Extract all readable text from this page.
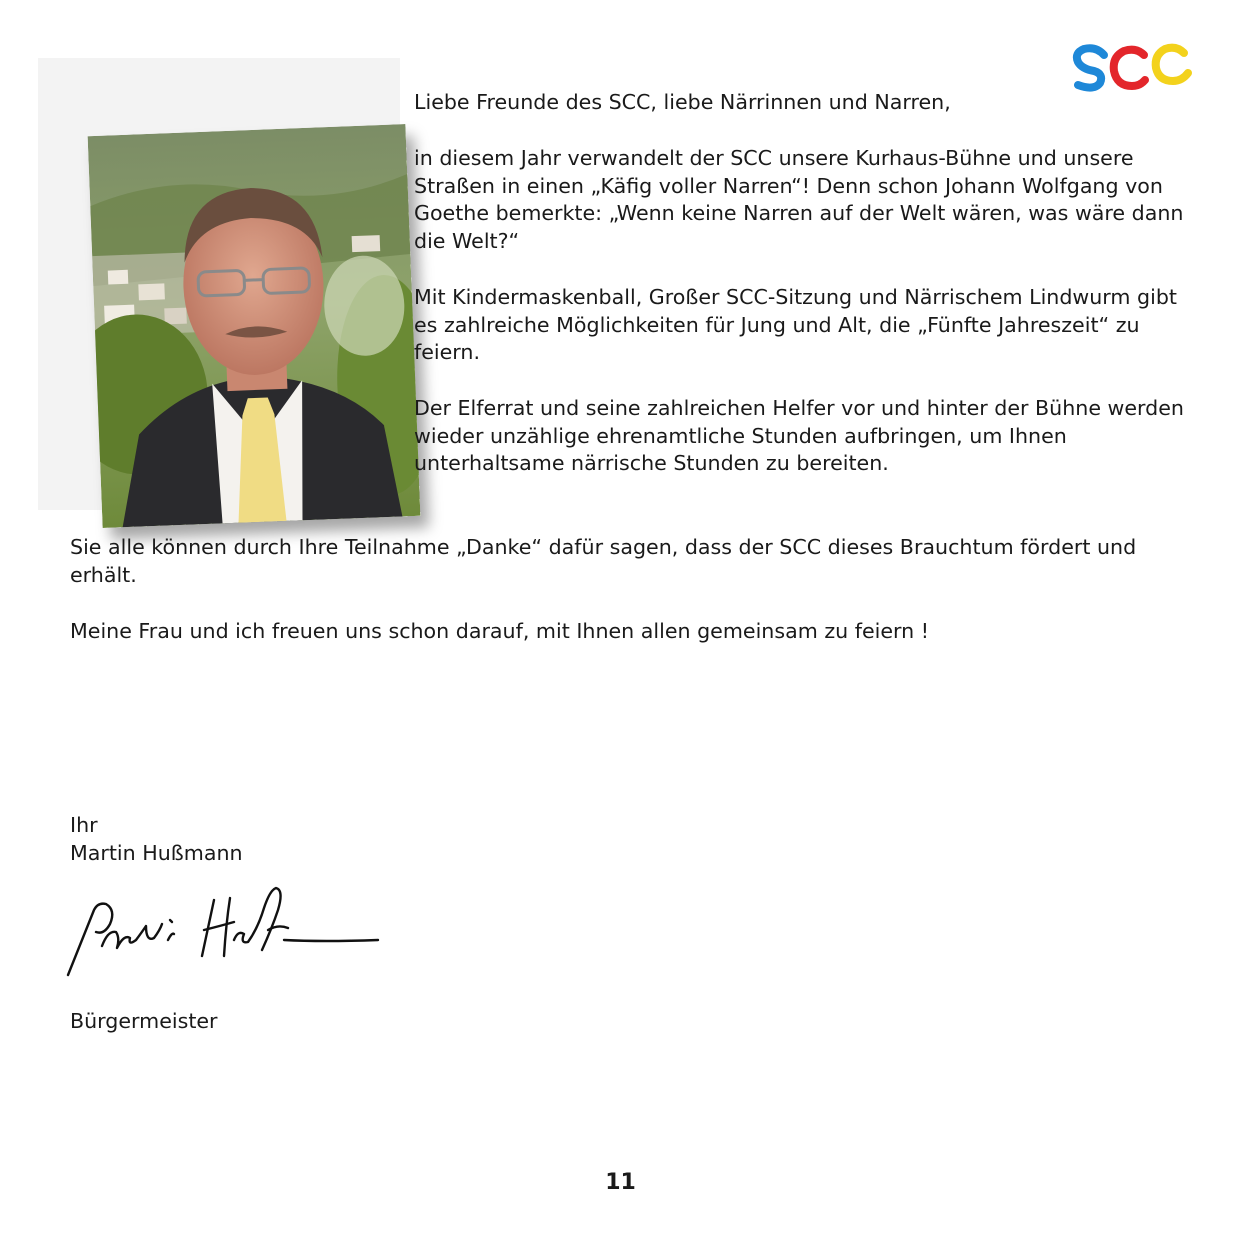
Liebe Freunde des SCC, liebe Närrinnen und Narren,

in diesem Jahr verwandelt der SCC unsere Kurhaus-Bühne und unsere Straßen in einen „Käfig voller Narren“! Denn schon Johann Wolfgang von Goethe bemerkte: „Wenn keine Narren auf der Welt wären, was wäre dann die Welt?“

Mit Kindermaskenball, Großer SCC-Sitzung und Närrischem Lindwurm gibt es zahlreiche Möglichkeiten für Jung und Alt, die „Fünfte Jahreszeit“ zu feiern.

Der Elferrat und seine zahlreichen Helfer vor und hinter der Bühne werden wieder unzählige ehrenamtliche Stunden aufbringen, um Ihnen unterhaltsame närrische Stunden zu bereiten.

Sie alle können durch Ihre Teilnahme „Danke“ dafür sagen, dass der SCC dieses Brauchtum fördert und erhält.

Meine Frau und ich freuen uns schon darauf, mit Ihnen allen gemeinsam zu feiern !

Ihr

Martin Hußmann

Bürgermeister

11
